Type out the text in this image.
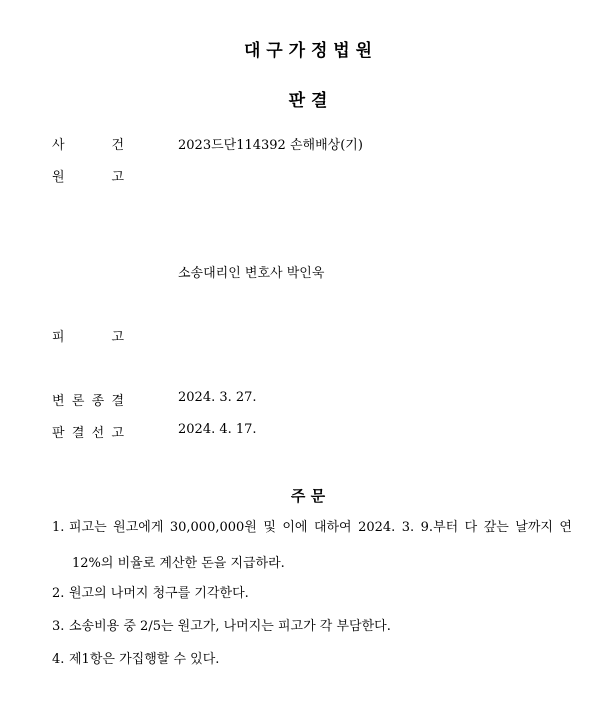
대 구 가 정 법 원
판 결
사	건	2023드단114392 손해배상(기)
원	고
소송대리인 변호사 박인욱
피	고
변 론 종 결	2024. 3. 27.
판 결 선 고	2024. 4. 17.
주 문
1. 피고는 원고에게 30,000,000원 및 이에 대하여 2024. 3. 9.부터 다 갚는 날까지 연
12%의 비율로 계산한 돈을 지급하라.
2. 원고의 나머지 청구를 기각한다.
3. 소송비용 중 2/5는 원고가, 나머지는 피고가 각 부담한다.
4. 제1항은 가집행할 수 있다.
